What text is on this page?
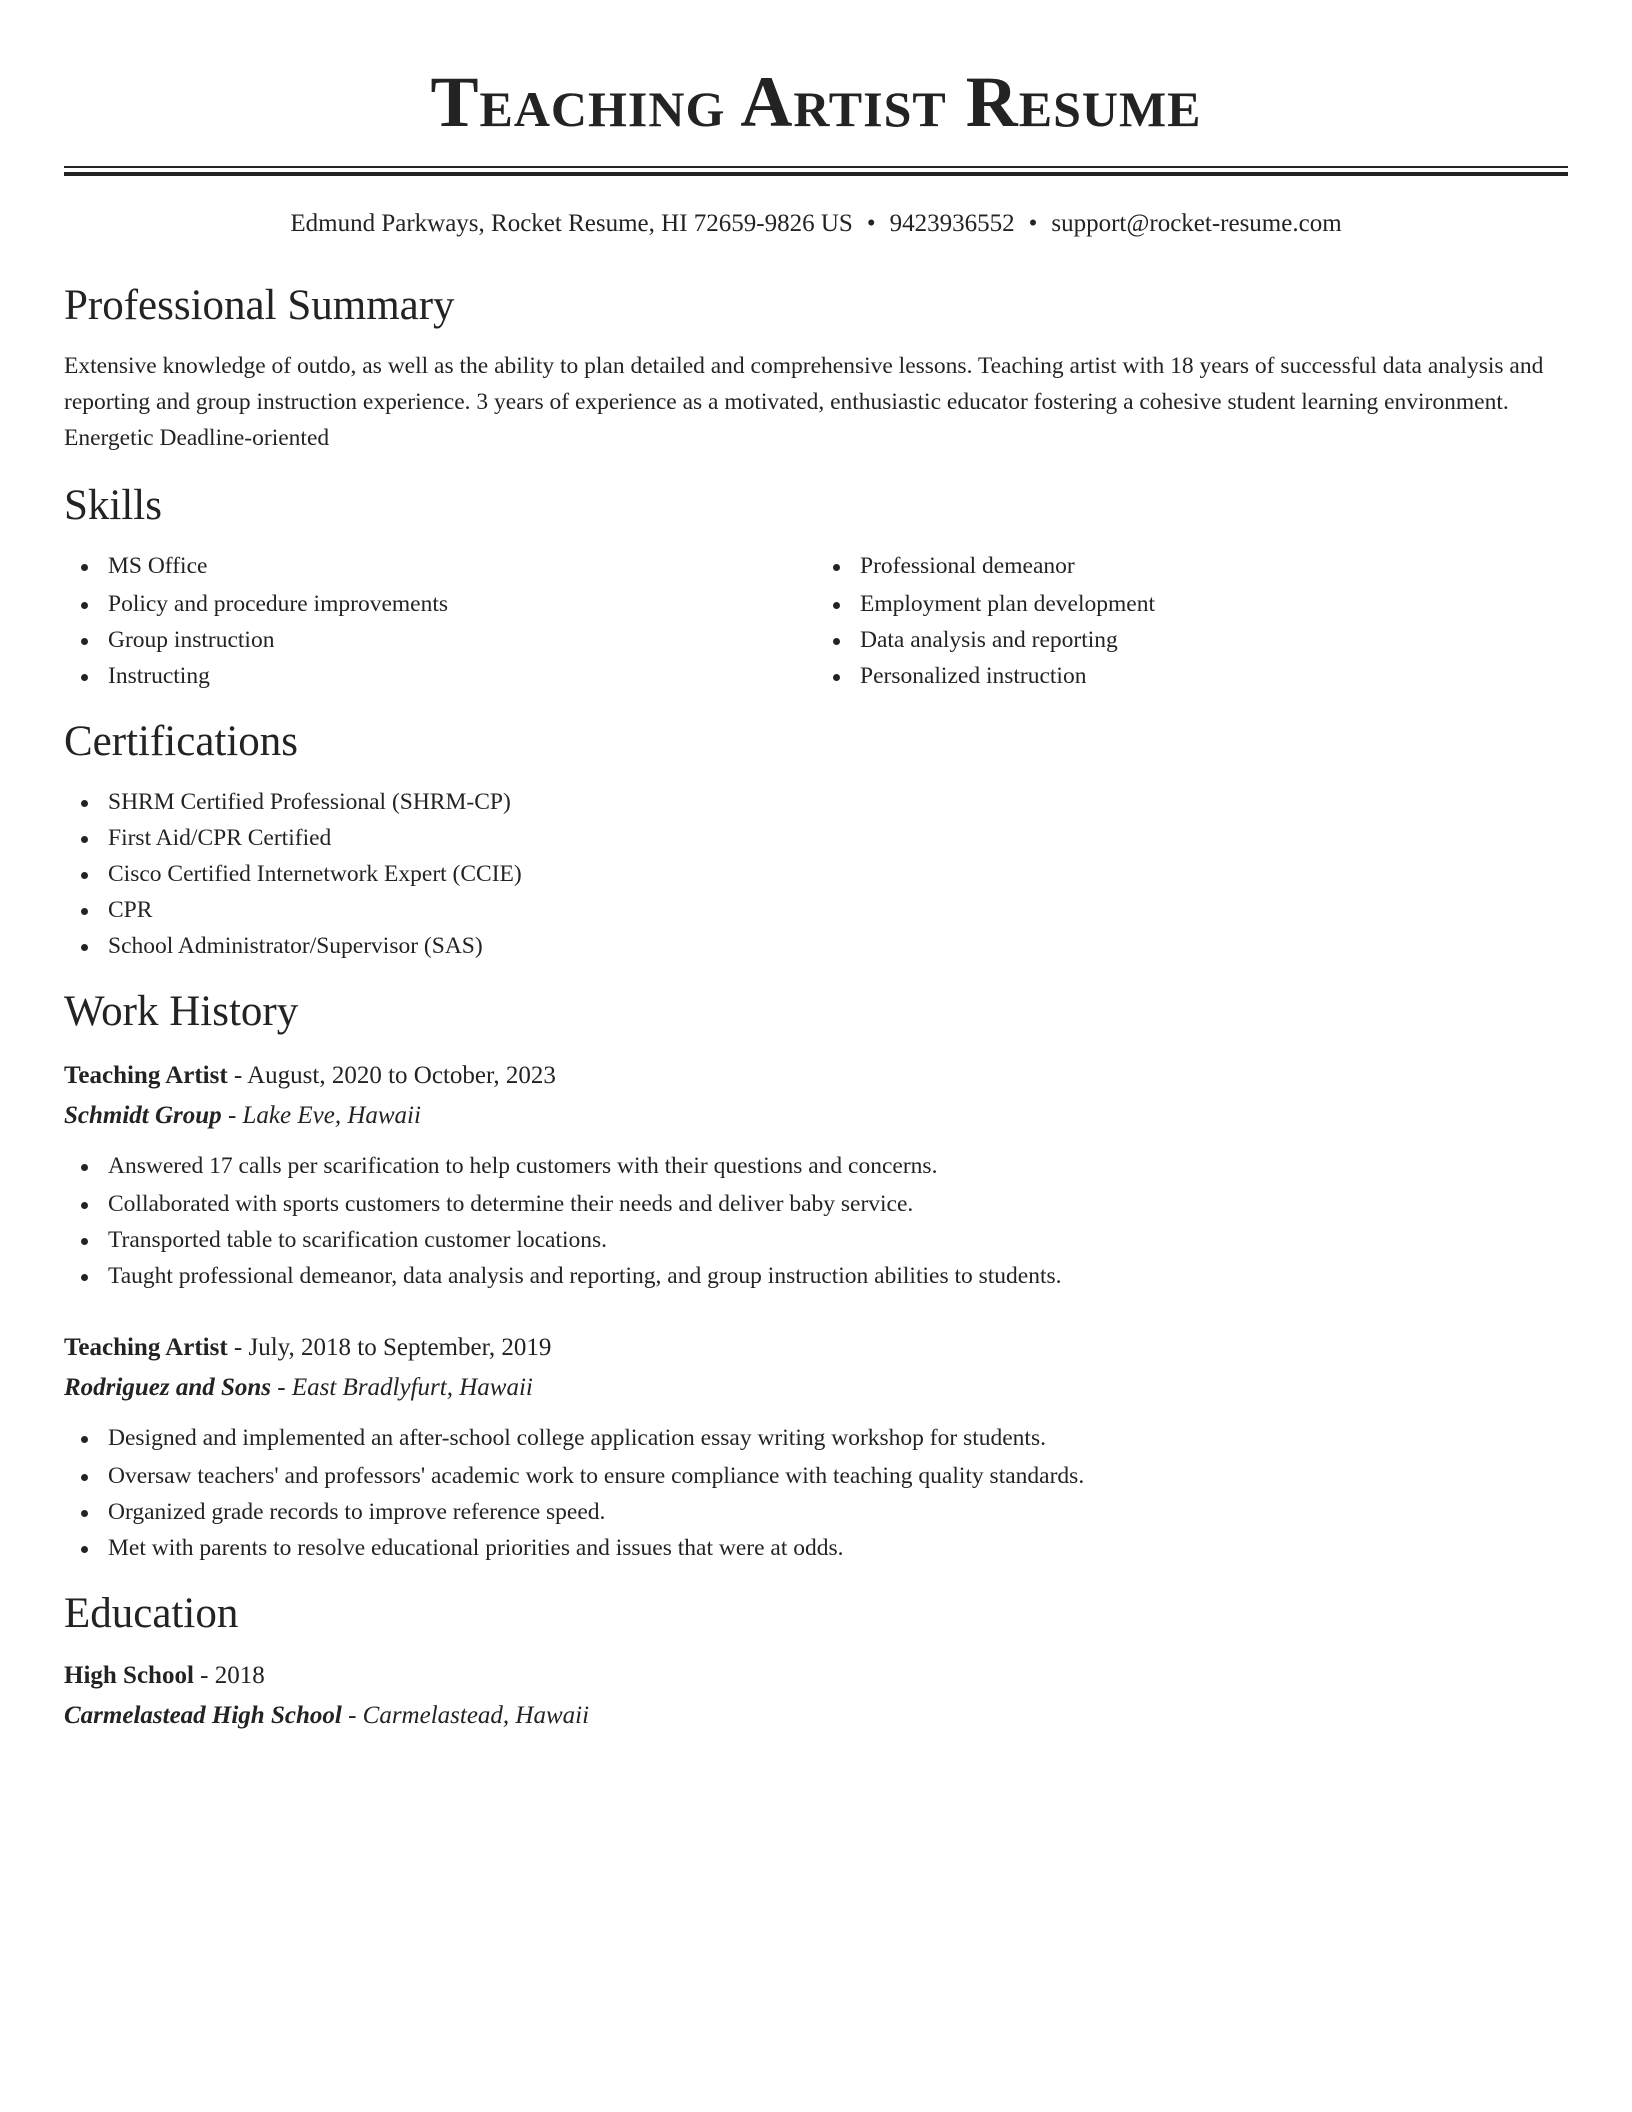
Teaching Artist Resume
Edmund Parkways, Rocket Resume, HI 72659-9826 US • 9423936552 • support@rocket-resume.com
Professional Summary

Extensive knowledge of outdo, as well as the ability to plan detailed and comprehensive lessons. Teaching artist with 18 years of successful data analysis and reporting and group instruction experience. 3 years of experience as a motivated, enthusiastic educator fostering a cohesive student learning environment. Energetic Deadline-oriented

Skills
MS Office
Policy and procedure improvements
Group instruction
Instructing
Professional demeanor
Employment plan development
Data analysis and reporting
Personalized instruction
Certifications
SHRM Certified Professional (SHRM-CP)
First Aid/CPR Certified
Cisco Certified Internetwork Expert (CCIE)
CPR
School Administrator/Supervisor (SAS)
Work History
Teaching Artist - August, 2020 to October, 2023
Schmidt Group - Lake Eve, Hawaii
Answered 17 calls per scarification to help customers with their questions and concerns.
Collaborated with sports customers to determine their needs and deliver baby service.
Transported table to scarification customer locations.
Taught professional demeanor, data analysis and reporting, and group instruction abilities to students.
Teaching Artist - July, 2018 to September, 2019
Rodriguez and Sons - East Bradlyfurt, Hawaii
Designed and implemented an after-school college application essay writing workshop for students.
Oversaw teachers' and professors' academic work to ensure compliance with teaching quality standards.
Organized grade records to improve reference speed.
Met with parents to resolve educational priorities and issues that were at odds.
Education
High School - 2018
Carmelastead High School - Carmelastead, Hawaii
